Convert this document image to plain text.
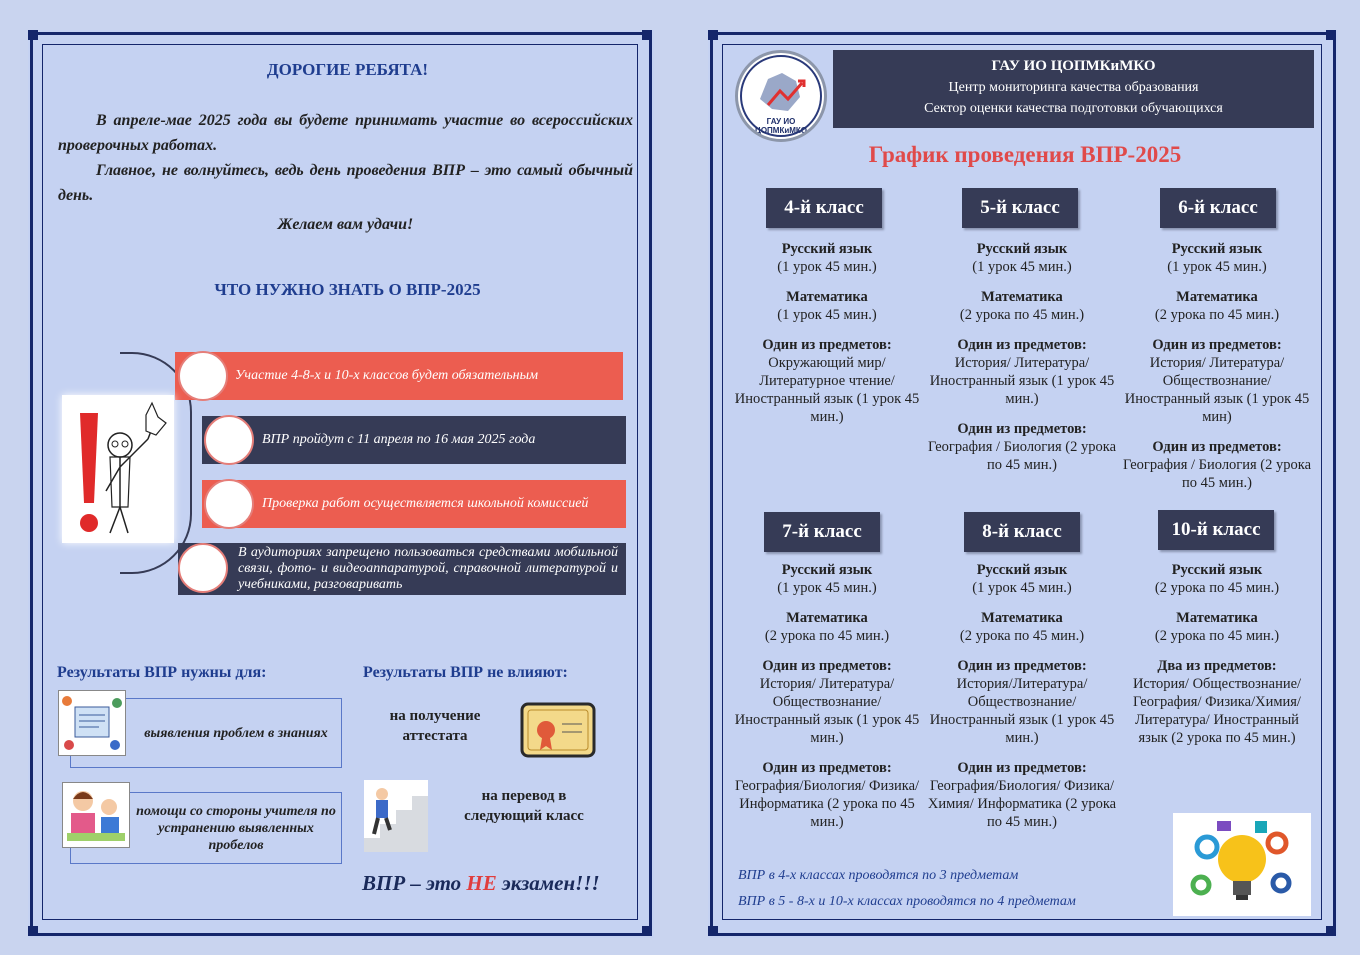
ДОРОГИЕ РЕБЯТА!
В апреле-мае 2025 года вы будете принимать участие во всероссийских проверочных работах.
Главное, не волнуйтесь, ведь день проведения ВПР – это самый обычный день.
Желаем вам удачи!
ЧТО НУЖНО ЗНАТЬ О ВПР-2025
Участие 4-8-х и 10-х классов будет обязательным
ВПР пройдут с 11 апреля по 16 мая 2025 года
Проверка работ осуществляется школьной комиссией
В аудиториях запрещено пользоваться средствами мобильной связи, фото- и видеоаппаратурой, справочной литературой и учебниками, разговаривать
Результаты ВПР нужны для:
выявления проблем в знаниях
помощи со стороны учителя по устранению выявленных пробелов
Результаты ВПР не влияют:
на получение аттестата
на перевод в следующий класс
ВПР – это НЕ экзамен!!!
ГАУ ИО ЦОПМКиМКО
ГАУ ИО ЦОПМКиМКО
Центр мониторинга качества образования
Сектор оценки качества подготовки обучающихся
График проведения ВПР-2025
4-й класс	5-й класс	6-й класс
7-й класс	8-й класс	10-й класс
Русский язык
(1 урок 45 мин.)
Математика
(1 урок 45 мин.)
Один из предметов:
Окружающий мир/ Литературное чтение/ Иностранный язык (1 урок 45 мин.)
Русский язык
(1 урок 45 мин.)
Математика
(2 урока по 45 мин.)
Один из предметов:
История/ Литература/ Иностранный язык (1 урок 45 мин.)
Один из предметов:
География / Биология (2 урока по 45 мин.)
Русский язык
(1 урок 45 мин.)
Математика
(2 урока по 45 мин.)
Один из предметов:
История/ Литература/ Обществознание/ Иностранный язык (1 урок 45 мин)
Один из предметов:
География / Биология (2 урока по 45 мин.)
Русский язык
(1 урок 45 мин.)
Математика
(2 урока по 45 мин.)
Один из предметов:
История/ Литература/ Обществознание/ Иностранный язык (1 урок 45 мин.)
Один из предметов:
География/Биология/ Физика/Информатика (2 урока по 45 мин.)
Русский язык
(1 урок 45 мин.)
Математика
(2 урока по 45 мин.)
Один из предметов:
История/Литература/ Обществознание/ Иностранный язык (1 урок 45 мин.)
Один из предметов:
География/Биология/ Физика/Химия/ Информатика (2 урока по 45 мин.)
Русский язык
(2 урока по 45 мин.)
Математика
(2 урока по 45 мин.)
Два из предметов:
История/ Обществознание/ География/ Физика/Химия/ Литература/ Иностранный язык (2 урока по 45 мин.)
ВПР в 4-х классах проводятся по 3 предметам
ВПР в 5 - 8-х и 10-х классах проводятся по 4 предметам
